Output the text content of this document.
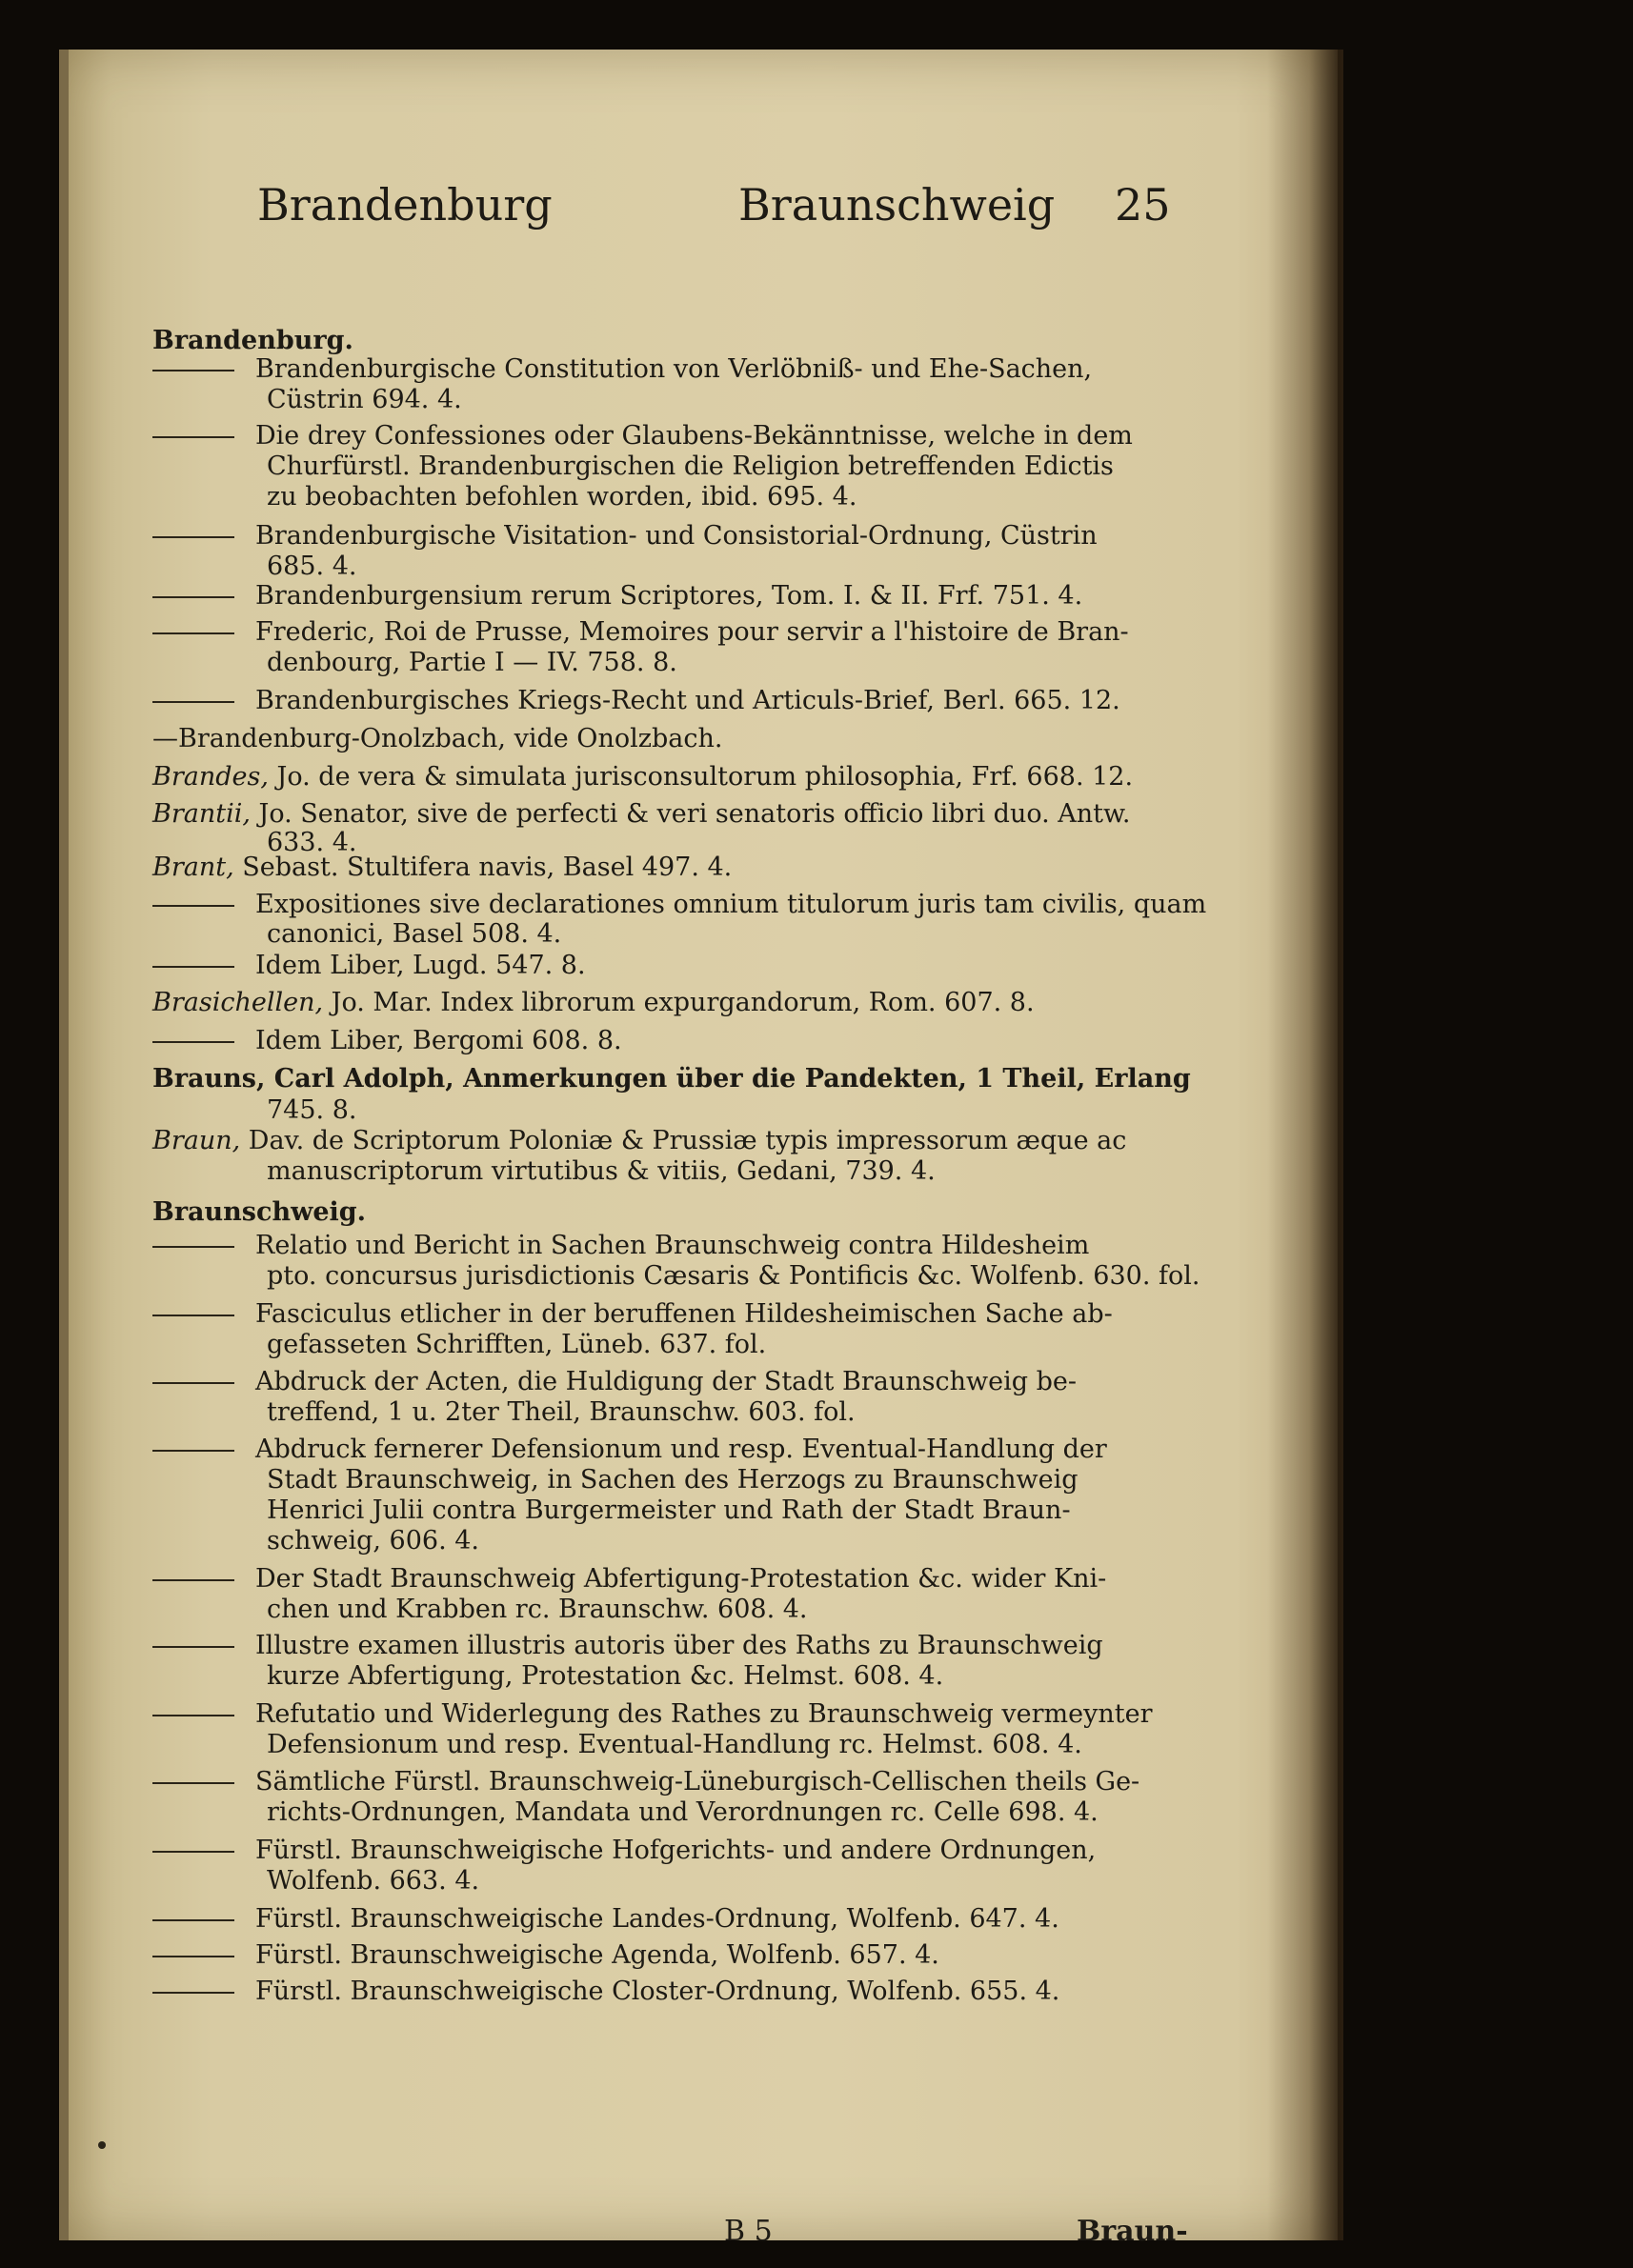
Brandenburg	Braunschweig 25
Brandenburg.
Brandenburgische Constitution von Verlöbniß- und Ehe-Sachen,
Cüstrin 694. 4.
Die drey Confessiones oder Glaubens-Bekänntnisse, welche in dem
Churfürstl. Brandenburgischen die Religion betreffenden Edictis
zu beobachten befohlen worden, ibid. 695. 4.
Brandenburgische Visitation- und Consistorial-Ordnung, Cüstrin
685. 4.
Brandenburgensium rerum Scriptores, Tom. I. & II. Frf. 751. 4.
Frederic, Roi de Prusse, Memoires pour servir a l'histoire de Bran-
denbourg, Partie I — IV. 758. 8.
Brandenburgisches Kriegs-Recht und Articuls-Brief, Berl. 665. 12.
—Brandenburg-Onolzbach, vide Onolzbach.
Brandes, Jo. de vera & simulata jurisconsultorum philosophia, Frf. 668. 12.
Brantii, Jo. Senator, sive de perfecti & veri senatoris officio libri duo. Antw.
633. 4.
Brant, Sebast. Stultifera navis, Basel 497. 4.
Expositiones sive declarationes omnium titulorum juris tam civilis, quam
canonici, Basel 508. 4.
Idem Liber, Lugd. 547. 8.
Brasichellen, Jo. Mar. Index librorum expurgandorum, Rom. 607. 8.
Idem Liber, Bergomi 608. 8.
Brauns, Carl Adolph, Anmerkungen über die Pandekten, 1 Theil, Erlang
745. 8.
Braun, Dav. de Scriptorum Poloniæ & Prussiæ typis impressorum æque ac
manuscriptorum virtutibus & vitiis, Gedani, 739. 4.
Braunschweig.
Relatio und Bericht in Sachen Braunschweig contra Hildesheim
pto. concursus jurisdictionis Cæsaris & Pontificis &c. Wolfenb. 630. fol.
Fasciculus etlicher in der beruffenen Hildesheimischen Sache ab-
gefasseten Schrifften, Lüneb. 637. fol.
Abdruck der Acten, die Huldigung der Stadt Braunschweig be-
treffend, 1 u. 2ter Theil, Braunschw. 603. fol.
Abdruck fernerer Defensionum und resp. Eventual-Handlung der
Stadt Braunschweig, in Sachen des Herzogs zu Braunschweig
Henrici Julii contra Burgermeister und Rath der Stadt Braun-
schweig, 606. 4.
Der Stadt Braunschweig Abfertigung-Protestation &c. wider Kni-
chen und Krabben rc. Braunschw. 608. 4.
Illustre examen illustris autoris über des Raths zu Braunschweig
kurze Abfertigung, Protestation &c. Helmst. 608. 4.
Refutatio und Widerlegung des Rathes zu Braunschweig vermeynter
Defensionum und resp. Eventual-Handlung rc. Helmst. 608. 4.
Sämtliche Fürstl. Braunschweig-Lüneburgisch-Cellischen theils Ge-
richts-Ordnungen, Mandata und Verordnungen rc. Celle 698. 4.
Fürstl. Braunschweigische Hofgerichts- und andere Ordnungen,
Wolfenb. 663. 4.
Fürstl. Braunschweigische Landes-Ordnung, Wolfenb. 647. 4.
Fürstl. Braunschweigische Agenda, Wolfenb. 657. 4.
Fürstl. Braunschweigische Closter-Ordnung, Wolfenb. 655. 4.
B 5	Braun-
